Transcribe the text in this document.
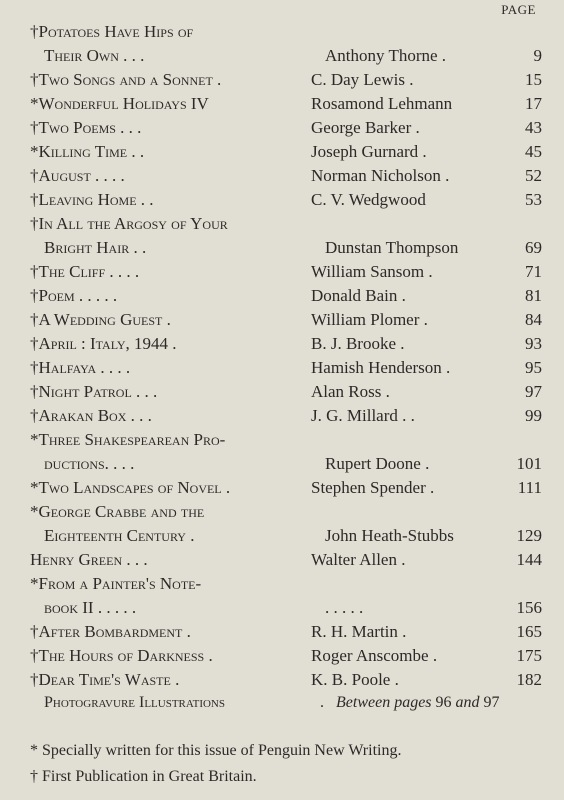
PAGE
†Potatoes Have Hips of
Their Own . . .	Anthony Thorne .	9
†Two Songs and a Sonnet .	C. Day Lewis .	15
*Wonderful Holidays IV	Rosamond Lehmann	17
†Two Poems . . .	George Barker .	43
*Killing Time . .	Joseph Gurnard .	45
†August . . . .	Norman Nicholson .	52
†Leaving Home . .	C. V. Wedgwood	53
†In All the Argosy of Your
Bright Hair . .	Dunstan Thompson	69
†The Cliff . . . .	William Sansom .	71
†Poem . . . . .	Donald Bain .	81
†A Wedding Guest .	William Plomer .	84
†April : Italy, 1944 .	B. J. Brooke .	93
†Halfaya . . . .	Hamish Henderson .	95
†Night Patrol . . .	Alan Ross .	97
†Arakan Box . . .	J. G. Millard . .	99
*Three Shakespearean Pro-
ductions. . . .	Rupert Doone .	101
*Two Landscapes of Novel .	Stephen Spender .	111
*George Crabbe and the
Eighteenth Century .	John Heath-Stubbs	129
Henry Green . . .	Walter Allen .	144
*From a Painter's Note-
book II . . . . .	. . . . .	156
†After Bombardment .	R. H. Martin .	165
†The Hours of Darkness .	Roger Anscombe .	175
†Dear Time's Waste .	K. B. Poole .	182
Photogravure Illustrations	. Between pages 96 and 97
* Specially written for this issue of Penguin New Writing.
† First Publication in Great Britain.
